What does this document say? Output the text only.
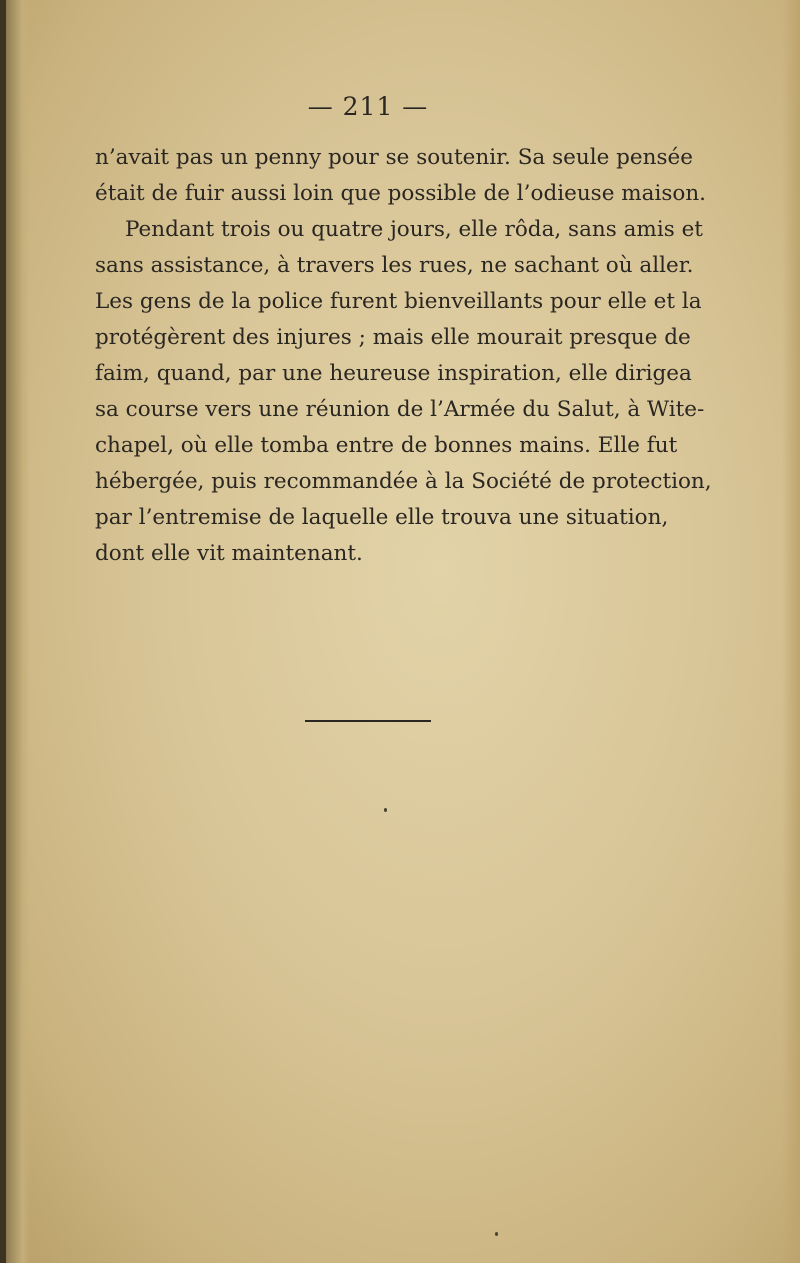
— 211 —
n’avait pas un penny pour se soutenir. Sa seule pensée
était de fuir aussi loin que possible de l’odieuse maison.
Pendant trois ou quatre jours, elle rôda, sans amis et
sans assistance, à travers les rues, ne sachant où aller.
Les gens de la police furent bienveillants pour elle et la
protégèrent des injures ; mais elle mourait presque de
faim, quand, par une heureuse inspiration, elle dirigea
sa course vers une réunion de l’Armée du Salut, à Wite-
chapel, où elle tomba entre de bonnes mains. Elle fut
hébergée, puis recommandée à la Société de protection,
par l’entremise de laquelle elle trouva une situation,
dont elle vit maintenant.
